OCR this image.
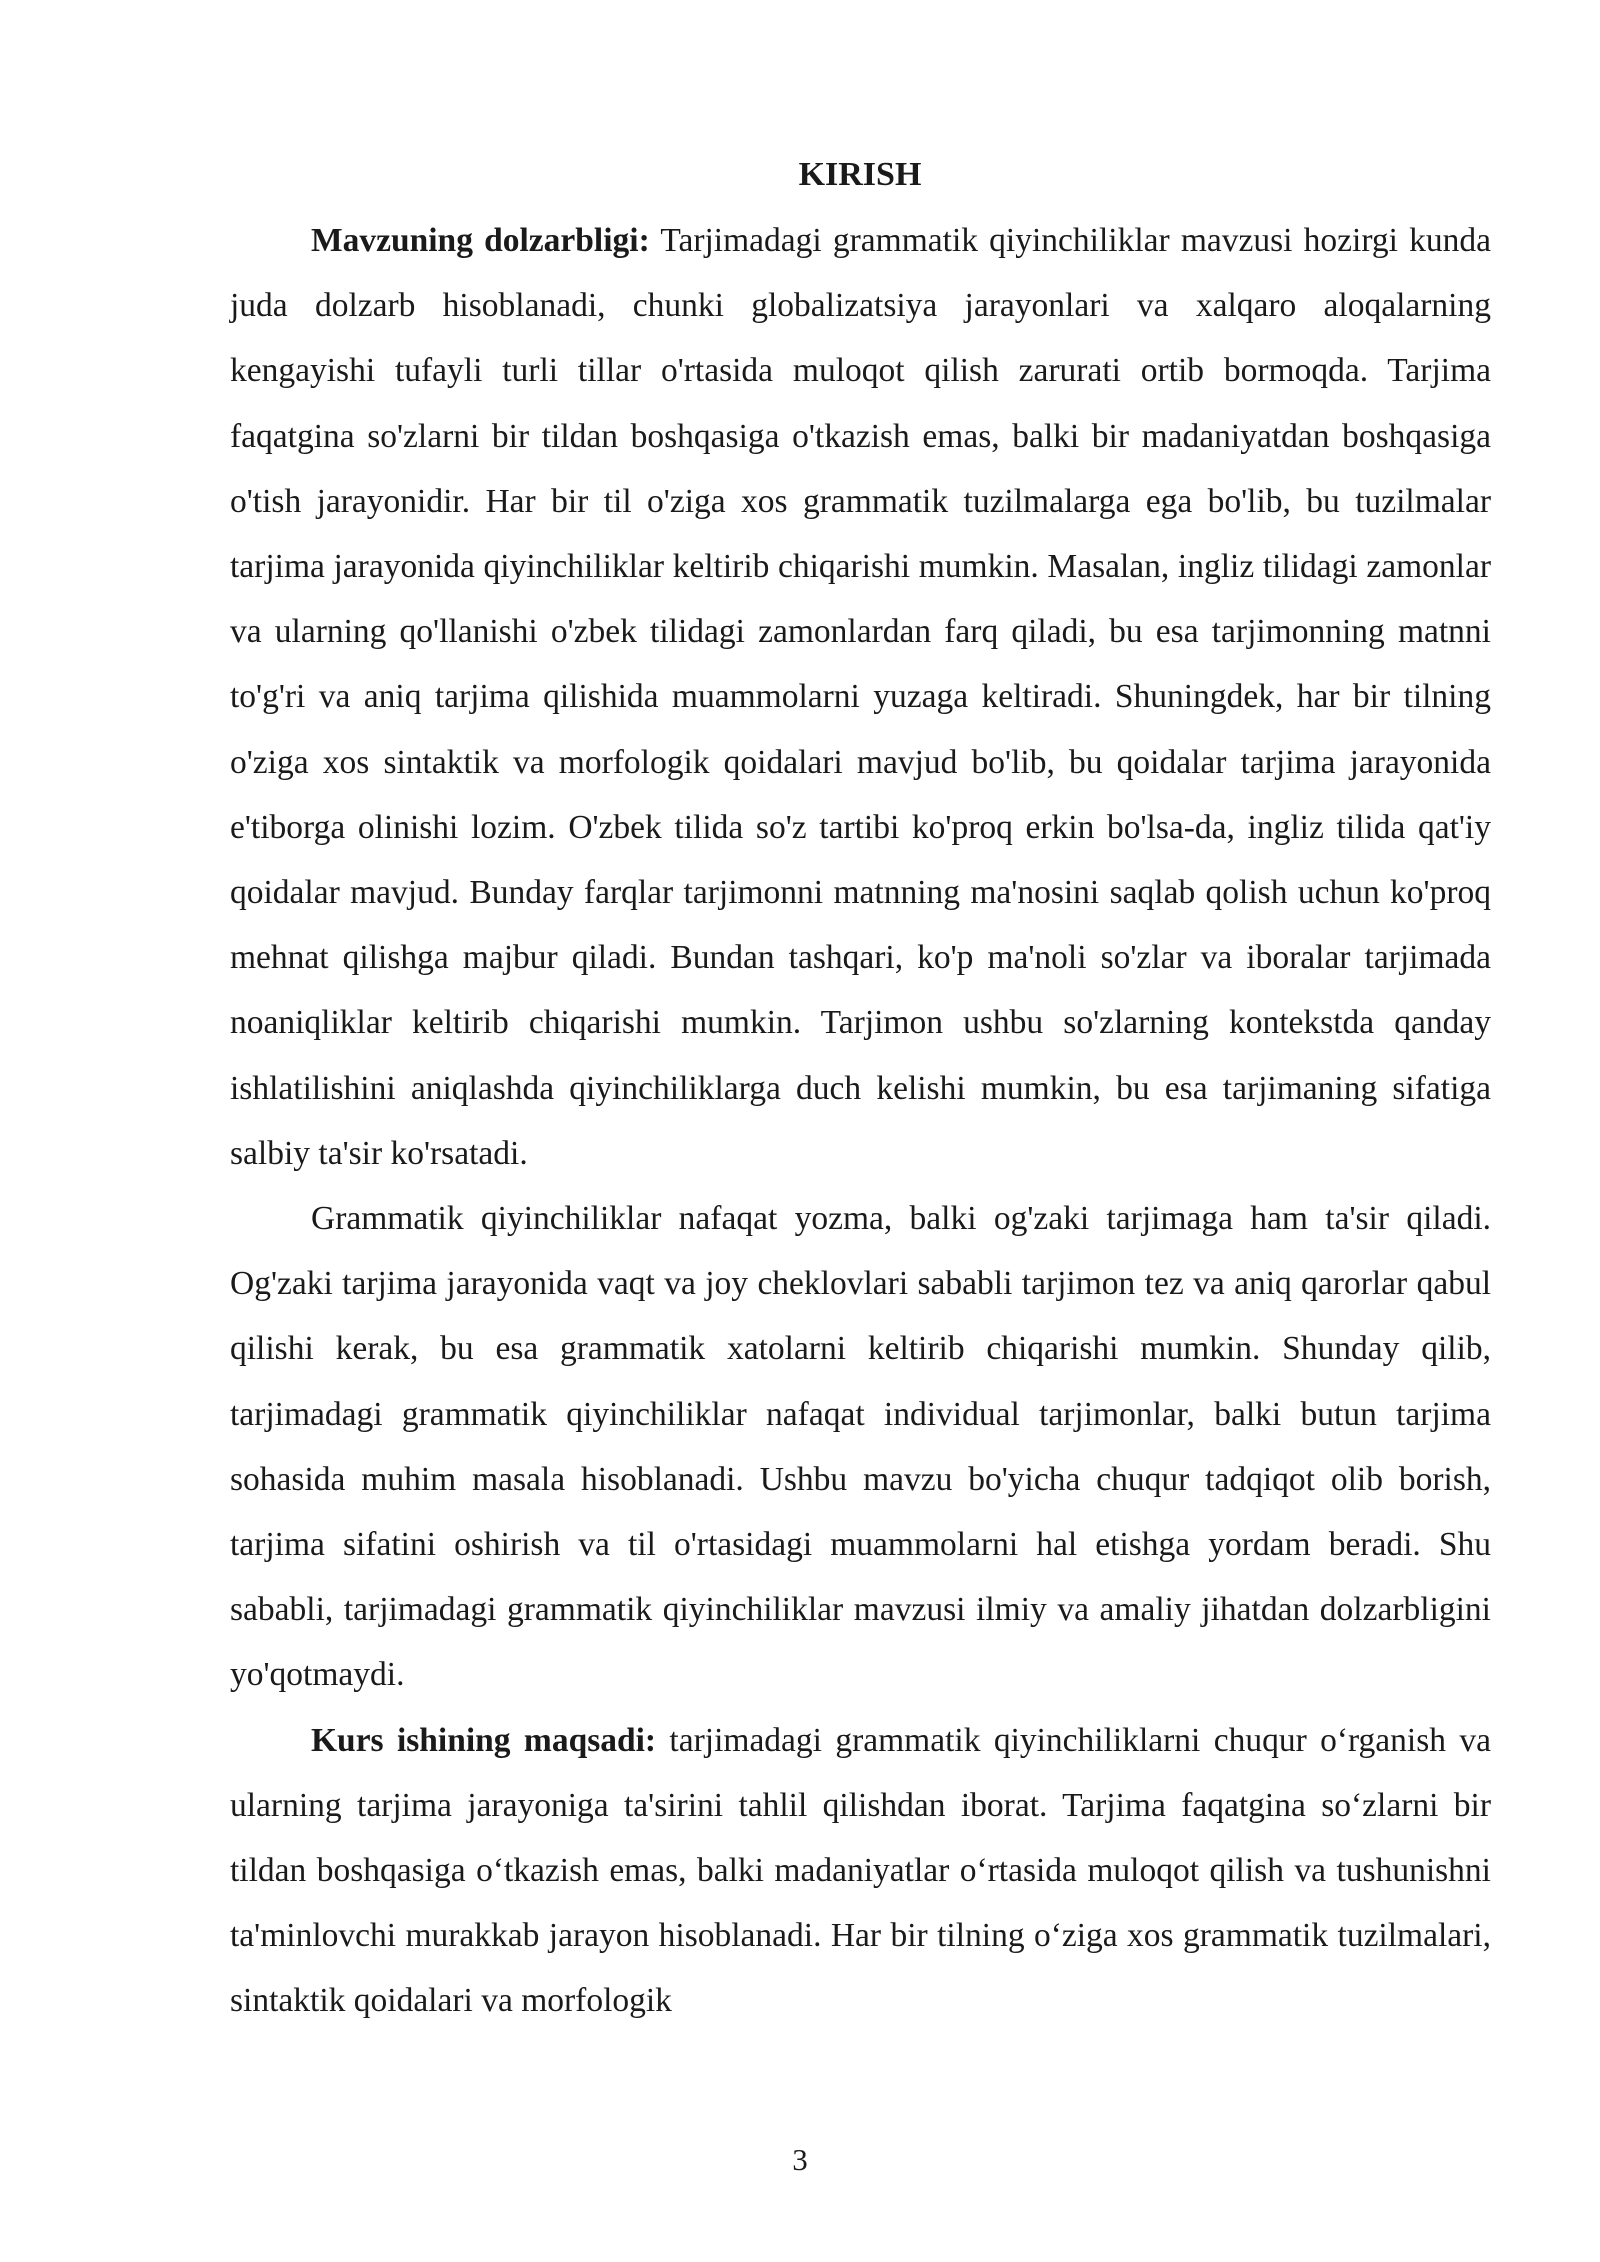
KIRISH

Mavzuning dolzarbligi: Tarjimadagi grammatik qiyinchiliklar mavzusi hozirgi kunda juda dolzarb hisoblanadi, chunki globalizatsiya jarayonlari va xalqaro aloqalarning kengayishi tufayli turli tillar o'rtasida muloqot qilish zarurati ortib bormoqda. Tarjima faqatgina so'zlarni bir tildan boshqasiga o'tkazish emas, balki bir madaniyatdan boshqasiga o'tish jarayonidir. Har bir til o'ziga xos grammatik tuzilmalarga ega bo'lib, bu tuzilmalar tarjima jarayonida qiyinchiliklar keltirib chiqarishi mumkin. Masalan, ingliz tilidagi zamonlar va ularning qo'llanishi o'zbek tilidagi zamonlardan farq qiladi, bu esa tarjimonning matnni to'g'ri va aniq tarjima qilishida muammolarni yuzaga keltiradi. Shuningdek, har bir tilning o'ziga xos sintaktik va morfologik qoidalari mavjud bo'lib, bu qoidalar tarjima jarayonida e'tiborga olinishi lozim. O'zbek tilida so'z tartibi ko'proq erkin bo'lsa-da, ingliz tilida qat'iy qoidalar mavjud. Bunday farqlar tarjimonni matnning ma'nosini saqlab qolish uchun ko'proq mehnat qilishga majbur qiladi. Bundan tashqari, ko'p ma'noli so'zlar va iboralar tarjimada noaniqliklar keltirib chiqarishi mumkin. Tarjimon ushbu so'zlarning kontekstda qanday ishlatilishini aniqlashda qiyinchiliklarga duch kelishi mumkin, bu esa tarjimaning sifatiga salbiy ta'sir ko'rsatadi.

Grammatik qiyinchiliklar nafaqat yozma, balki og'zaki tarjimaga ham ta'sir qiladi. Og'zaki tarjima jarayonida vaqt va joy cheklovlari sababli tarjimon tez va aniq qarorlar qabul qilishi kerak, bu esa grammatik xatolarni keltirib chiqarishi mumkin. Shunday qilib, tarjimadagi grammatik qiyinchiliklar nafaqat individual tarjimonlar, balki butun tarjima sohasida muhim masala hisoblanadi. Ushbu mavzu bo'yicha chuqur tadqiqot olib borish, tarjima sifatini oshirish va til o'rtasidagi muammolarni hal etishga yordam beradi. Shu sababli, tarjimadagi grammatik qiyinchiliklar mavzusi ilmiy va amaliy jihatdan dolzarbligini yo'qotmaydi.

Kurs ishining maqsadi: tarjimadagi grammatik qiyinchiliklarni chuqur o‘rganish va ularning tarjima jarayoniga ta'sirini tahlil qilishdan iborat. Tarjima faqatgina so‘zlarni bir tildan boshqasiga o‘tkazish emas, balki madaniyatlar o‘rtasida muloqot qilish va tushunishni ta'minlovchi murakkab jarayon hisoblanadi. Har bir tilning o‘ziga xos grammatik tuzilmalari, sintaktik qoidalari va morfologik

3
